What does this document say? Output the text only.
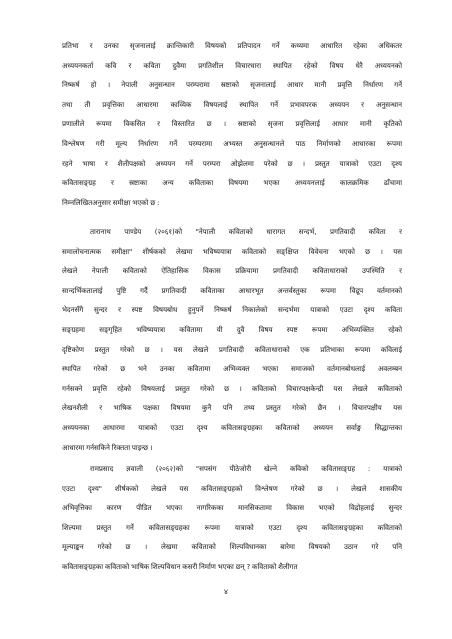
प्रतिभा र उनका सृजनालाई क्रान्तिकारी विषयको प्रतिपादन गर्ने कथ्यमा आधारित रहेका अधिकतर
अध्ययनकर्ता कवि र कविता दुवैमा प्रगतिशील विचारधारा स्थापित रहेको विषय धेरै अध्ययनको
निष्कर्ष हो । नेपाली अनुसन्धान परम्परामा स्रष्टाको सृजनालाई आधार मानी प्रवृत्ति निर्धारण गर्ने
तथा ती प्रवृत्तिका आधारमा काव्यिक विषयलाई स्थापित गर्ने प्रभावपरक अध्ययन र अनुसन्धान
प्रणालीले रूपमा विकसित र विस्तारित छ । स्रष्टाको सृजना प्रवृत्तिलाई आधार मानी कृतिको
विश्लेषण गरी मूल्य निर्धारण गर्ने परम्परामा अभ्यस्त अनुसन्धानले पाठ निर्माणको आधारका रूपमा
रहने भाषा र शैलीपक्षको अध्ययन गर्ने परम्परा ओझेलमा परेको छ । प्रस्तुत यात्राको एउटा दृश्य
कवितासङ्ग्रह र स्रष्टाका अन्य कविताका विषयमा भएका अध्ययनलाई कालक्रमिक ढाँचामा
निम्नलिखितअनुसार समीक्षा भएको छ :
तारानाथ पाण्डेय (२०६१)को "नेपाली कविताको धारागत सन्दर्भ, प्रगतिवादी कविता र
समालोचनात्मक समीक्षा" शीर्षकको लेखमा भविष्ययात्रा कविताको सङ्क्षिप्त विवेचना भएको छ । यस
लेखले नेपाली कविताको ऐतिहासिक विकास प्रक्रियामा प्रगतिवादी कविताधाराको उपस्थिति र
सान्दर्भिकतालाई पुष्टि गर्दै प्रगतिवादी कविताका आधारभूत अन्तर्वस्तुका रूपमा विद्रूप वर्तमानको
भेदनसँगै सुन्दर र स्पष्ट विषयबोध हुनुपर्ने निष्कर्ष निकालेको सन्दर्भमा यात्राको एउटा दृश्य कविता
सङ्ग्रहमा सङ्गृहित भविष्ययात्रा कवितामा यी दुवै विषय स्पष्ट रूपमा अभिव्यक्तित रहेको
दृष्टिकोण प्रस्तुत गरेको छ । यस लेखले प्रगतिवादी कविताधाराको एक प्रतिभाका रूपमा कविलाई
स्थापित गरेको छ भने उनका कवितामा अभिव्यक्त भएका समाजको वर्तमानबोधलाई अवलम्बन
गर्नसक्ने प्रवृत्ति रहेको विषयलाई प्रस्तुत गरेको छ । कविताको विचारपक्षकेन्द्री यस लेखले कविताको
लेखनशैली र भाषिक पक्षका विषयमा कुनै पनि तथ्य प्रस्तुत गरेको छैन । विचारपक्षीय यस
अध्ययनका आधारमा यात्राको एउटा दृश्य कवितासङ्ग्रहका कविताको अध्ययन सर्वाङ्ग सिद्धान्तका
आधारमा गर्नसकिने रिक्तता पाइन्छ ।
रामप्रसाद ज्ञवाली (२०६२)को "सपसंग पीठेजोरी खेल्ने कविको कवितासङ्ग्रह : यात्राको
एउटा दृश्य" शीर्षकको लेखले यस कवितासङ्ग्रहको विश्लेषण गरेको छ । लेखले शासकीय
अभिवृत्तिका कारण पीडित भएका नागरिकका मानसिकतामा विकास भएको विद्रोहलाई सुन्दर
शिल्पमा प्रस्तुत गर्ने कवितासङ्ग्रहका रूपमा यात्राको एउटा दृश्य कवितासङ्ग्रहका कविताको
मूल्याङ्कन गरेको छ । लेखमा कविताको शिल्पविधानका बारेमा विषयको उठान गरे पनि
कवितासङ्ग्रहका कविताको भाषिक शिल्पविधान कसरी निर्माण भएका छन् ? कविताको शैलीगत
४
